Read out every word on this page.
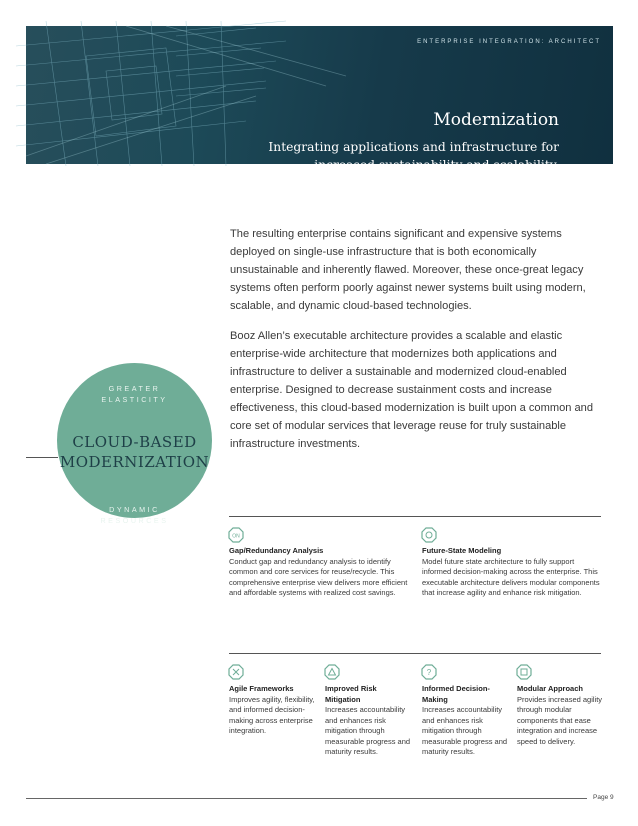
ENTERPRISE INTEGRATION: ARCHITECT
Modernization
Integrating applications and infrastructure for increased sustainability and scalability.

The resulting enterprise contains significant and expensive systems deployed on single-use infrastructure that is both economically unsustainable and inherently flawed. Moreover, these once-great legacy systems often perform poorly against newer systems built using modern, scalable, and dynamic cloud-based technologies.

Booz Allen’s executable architecture provides a scalable and elastic enterprise-wide architecture that modernizes both applications and infrastructure to deliver a sustainable and modernized cloud-enabled enterprise. Designed to decrease sustainment costs and increase effectiveness, this cloud-based modernization is built upon a common and core set of modular services that leverage reuse for truly sustainable infrastructure investments.

GREATER ELASTICITY
CLOUD-BASED MODERNIZATION
DYNAMIC RESOURCES
ON
Gap/Redundancy Analysis
Conduct gap and redundancy analysis to identify common and core services for reuse/recycle. This comprehensive enterprise view delivers more efficient and affordable systems with realized cost savings.
Future-State Modeling
Model future state architecture to fully support informed decision-making across the enterprise. This executable architecture delivers modular components that increase agility and enhance risk mitigation.
Agile Frameworks
Improves agility, flexibility, and informed decision-making across enterprise integration.
Improved Risk Mitigation
Increases accountability and enhances risk mitigation through measurable progress and maturity results.
?
Informed Decision-Making
Increases accountability and enhances risk mitigation through measurable progress and maturity results.
Modular Approach
Provides increased agility through modular components that ease integration and increase speed to delivery.
Page 9
